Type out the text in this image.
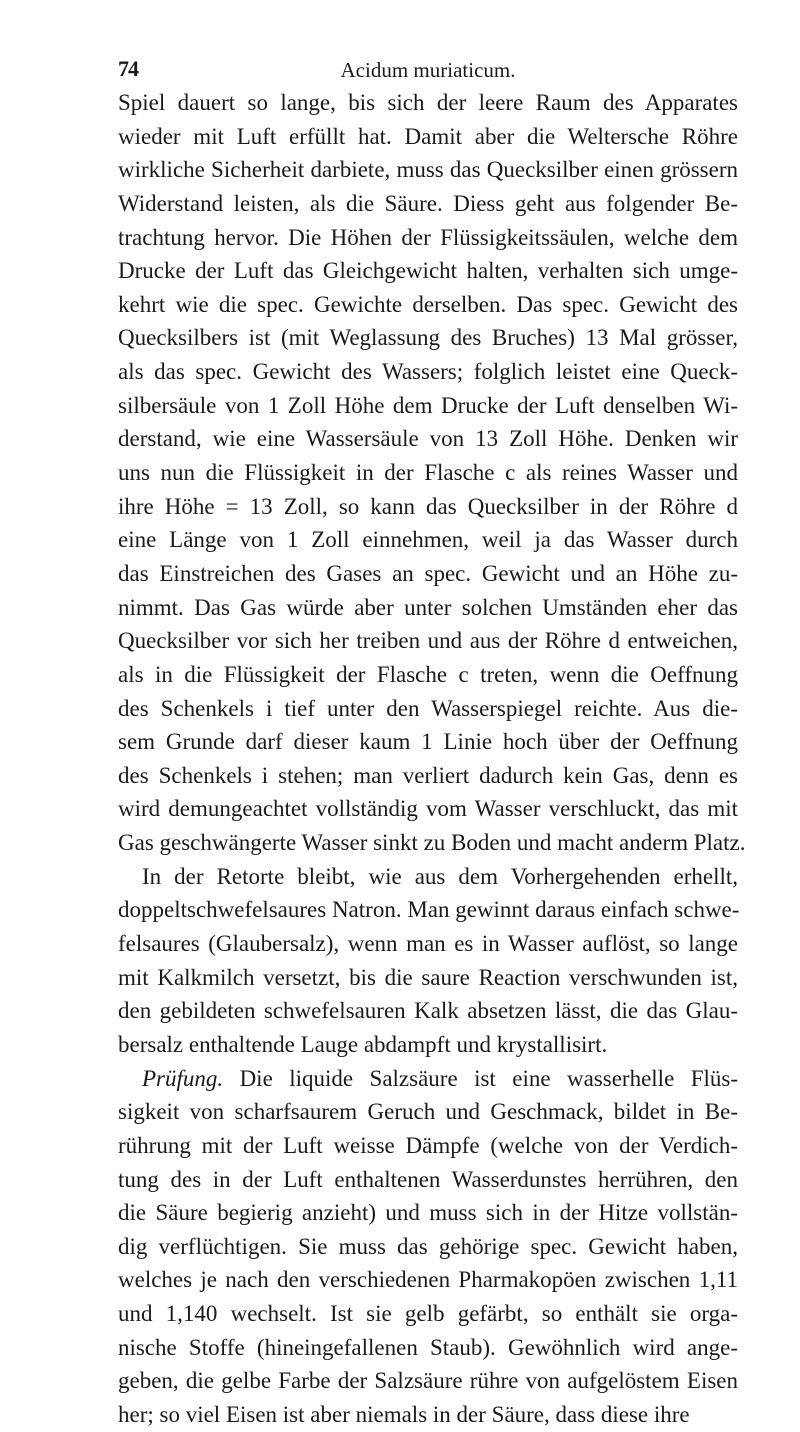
74	Acidum muriaticum.
Spiel dauert so lange, bis sich der leere Raum des Apparates
wieder mit Luft erfüllt hat. Damit aber die Weltersche Röhre
wirkliche Sicherheit darbiete, muss das Quecksilber einen grössern
Widerstand leisten, als die Säure. Diess geht aus folgender Be-
trachtung hervor. Die Höhen der Flüssigkeitssäulen, welche dem
Drucke der Luft das Gleichgewicht halten, verhalten sich umge-
kehrt wie die spec. Gewichte derselben. Das spec. Gewicht des
Quecksilbers ist (mit Weglassung des Bruches) 13 Mal grösser,
als das spec. Gewicht des Wassers; folglich leistet eine Queck-
silbersäule von 1 Zoll Höhe dem Drucke der Luft denselben Wi-
derstand, wie eine Wassersäule von 13 Zoll Höhe. Denken wir
uns nun die Flüssigkeit in der Flasche c als reines Wasser und
ihre Höhe = 13 Zoll, so kann das Quecksilber in der Röhre d
eine Länge von 1 Zoll einnehmen, weil ja das Wasser durch
das Einstreichen des Gases an spec. Gewicht und an Höhe zu-
nimmt. Das Gas würde aber unter solchen Umständen eher das
Quecksilber vor sich her treiben und aus der Röhre d entweichen,
als in die Flüssigkeit der Flasche c treten, wenn die Oeffnung
des Schenkels i tief unter den Wasserspiegel reichte. Aus die-
sem Grunde darf dieser kaum 1 Linie hoch über der Oeffnung
des Schenkels i stehen; man verliert dadurch kein Gas, denn es
wird demungeachtet vollständig vom Wasser verschluckt, das mit
Gas geschwängerte Wasser sinkt zu Boden und macht anderm Platz.
In der Retorte bleibt, wie aus dem Vorhergehenden erhellt,
doppeltschwefelsaures Natron. Man gewinnt daraus einfach schwe-
felsaures (Glaubersalz), wenn man es in Wasser auflöst, so lange
mit Kalkmilch versetzt, bis die saure Reaction verschwunden ist,
den gebildeten schwefelsauren Kalk absetzen lässt, die das Glau-
bersalz enthaltende Lauge abdampft und krystallisirt.
Prüfung. Die liquide Salzsäure ist eine wasserhelle Flüs-
sigkeit von scharfsaurem Geruch und Geschmack, bildet in Be-
rührung mit der Luft weisse Dämpfe (welche von der Verdich-
tung des in der Luft enthaltenen Wasserdunstes herrühren, den
die Säure begierig anzieht) und muss sich in der Hitze vollstän-
dig verflüchtigen. Sie muss das gehörige spec. Gewicht haben,
welches je nach den verschiedenen Pharmakopöen zwischen 1,11
und 1,140 wechselt. Ist sie gelb gefärbt, so enthält sie orga-
nische Stoffe (hineingefallenen Staub). Gewöhnlich wird ange-
geben, die gelbe Farbe der Salzsäure rühre von aufgelöstem Eisen
her; so viel Eisen ist aber niemals in der Säure, dass diese ihre
